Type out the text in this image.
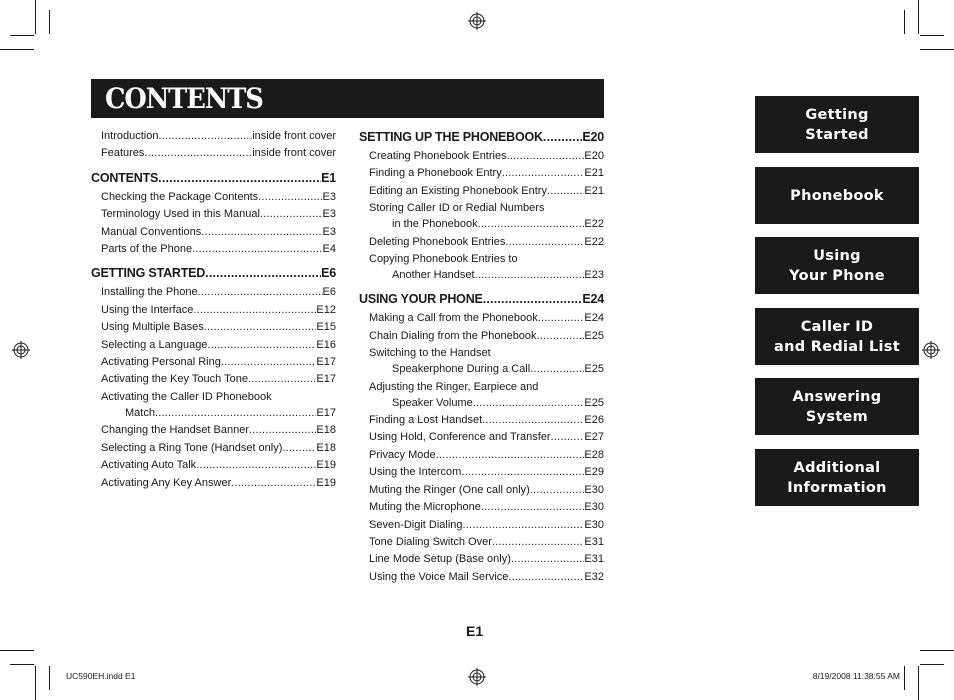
CONTENTS
Introduction .....	inside front cover
Features .....	inside front cover
CONTENTS .....	E1
Checking the Package Contents .....	E3
Terminology Used in this Manual .....	E3
Manual Conventions .....	E3
Parts of the Phone .....	E4
GETTING STARTED .....	E6
Installing the Phone .....	E6
Using the Interface .....	E12
Using Multiple Bases .....	E15
Selecting a Language .....	E16
Activating Personal Ring .....	E17
Activating the Key Touch Tone .....	E17
Activating the Caller ID Phonebook
Match .....	E17
Changing the Handset Banner .....	E18
Selecting a Ring Tone (Handset only) .....	E18
Activating Auto Talk .....	E19
Activating Any Key Answer .....	E19
SETTING UP THE PHONEBOOK .....	E20
Creating Phonebook Entries .....	E20
Finding a Phonebook Entry .....	E21
Editing an Existing Phonebook Entry .....	E21
Storing Caller ID or Redial Numbers
in the Phonebook .....	E22
Deleting Phonebook Entries .....	E22
Copying Phonebook Entries to
Another Handset .....	E23
USING YOUR PHONE .....	E24
Making a Call from the Phonebook .....	E24
Chain Dialing from the Phonebook .....	E25
Switching to the Handset
Speakerphone During a Call .....	E25
Adjusting the Ringer, Earpiece and
Speaker Volume .....	E25
Finding a Lost Handset .....	E26
Using Hold, Conference and Transfer .....	E27
Privacy Mode .....	E28
Using the Intercom .....	E29
Muting the Ringer (One call only) .....	E30
Muting the Microphone .....	E30
Seven-Digit Dialing .....	E30
Tone Dialing Switch Over .....	E31
Line Mode Setup (Base only) .....	E31
Using the Voice Mail Service .....	E32
Getting
Started
Phonebook
Using
Your Phone
Caller ID
and Redial List
Answering
System
Additional
Information
E1
UC590EH.indd E1	8/19/2008 11:38:55 AM
